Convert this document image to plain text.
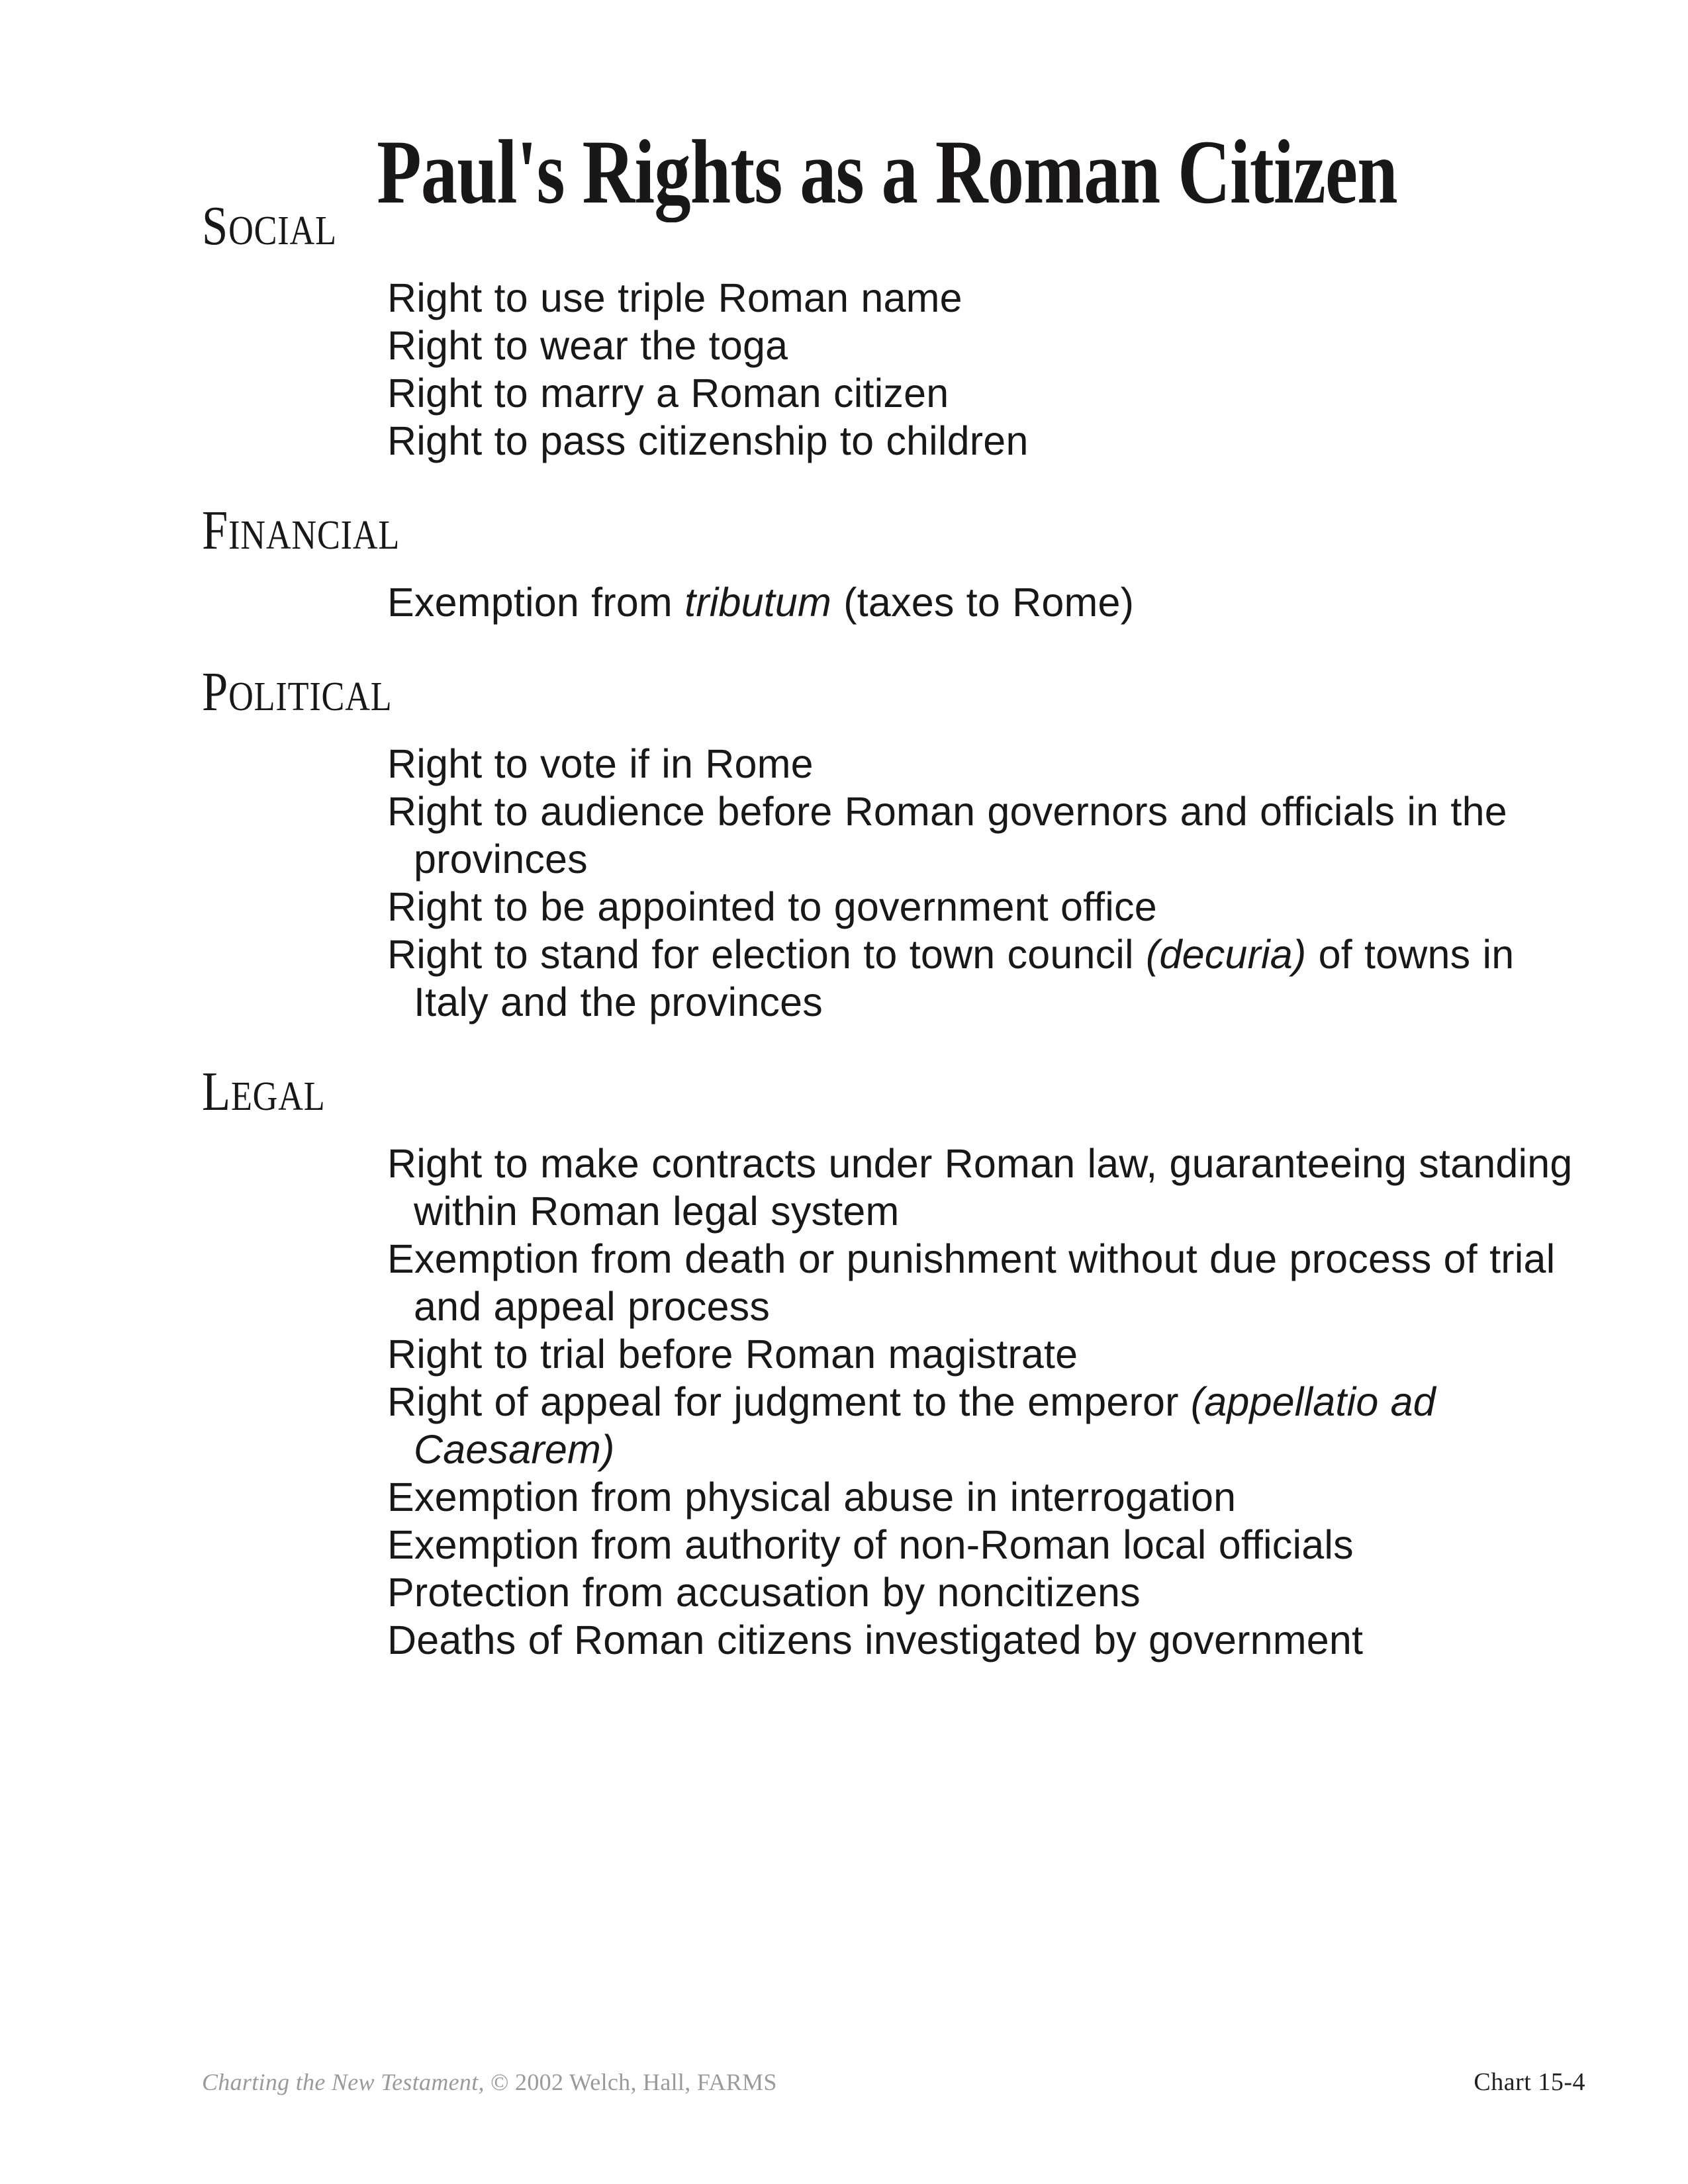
Paul's Rights as a Roman Citizen
SOCIAL
Right to use triple Roman name
Right to wear the toga
Right to marry a Roman citizen
Right to pass citizenship to children
FINANCIAL
Exemption from tributum (taxes to Rome)
POLITICAL
Right to vote if in Rome
Right to audience before Roman governors and officials in the provinces
Right to be appointed to government office
Right to stand for election to town council (decuria) of towns in Italy and the provinces
LEGAL
Right to make contracts under Roman law, guaranteeing standing within Roman legal system
Exemption from death or punishment without due process of trial and appeal process
Right to trial before Roman magistrate
Right of appeal for judgment to the emperor (appellatio ad Caesarem)
Exemption from physical abuse in interrogation
Exemption from authority of non-Roman local officials
Protection from accusation by noncitizens
Deaths of Roman citizens investigated by government
Charting the New Testament, © 2002 Welch, Hall, FARMS	Chart 15-4
